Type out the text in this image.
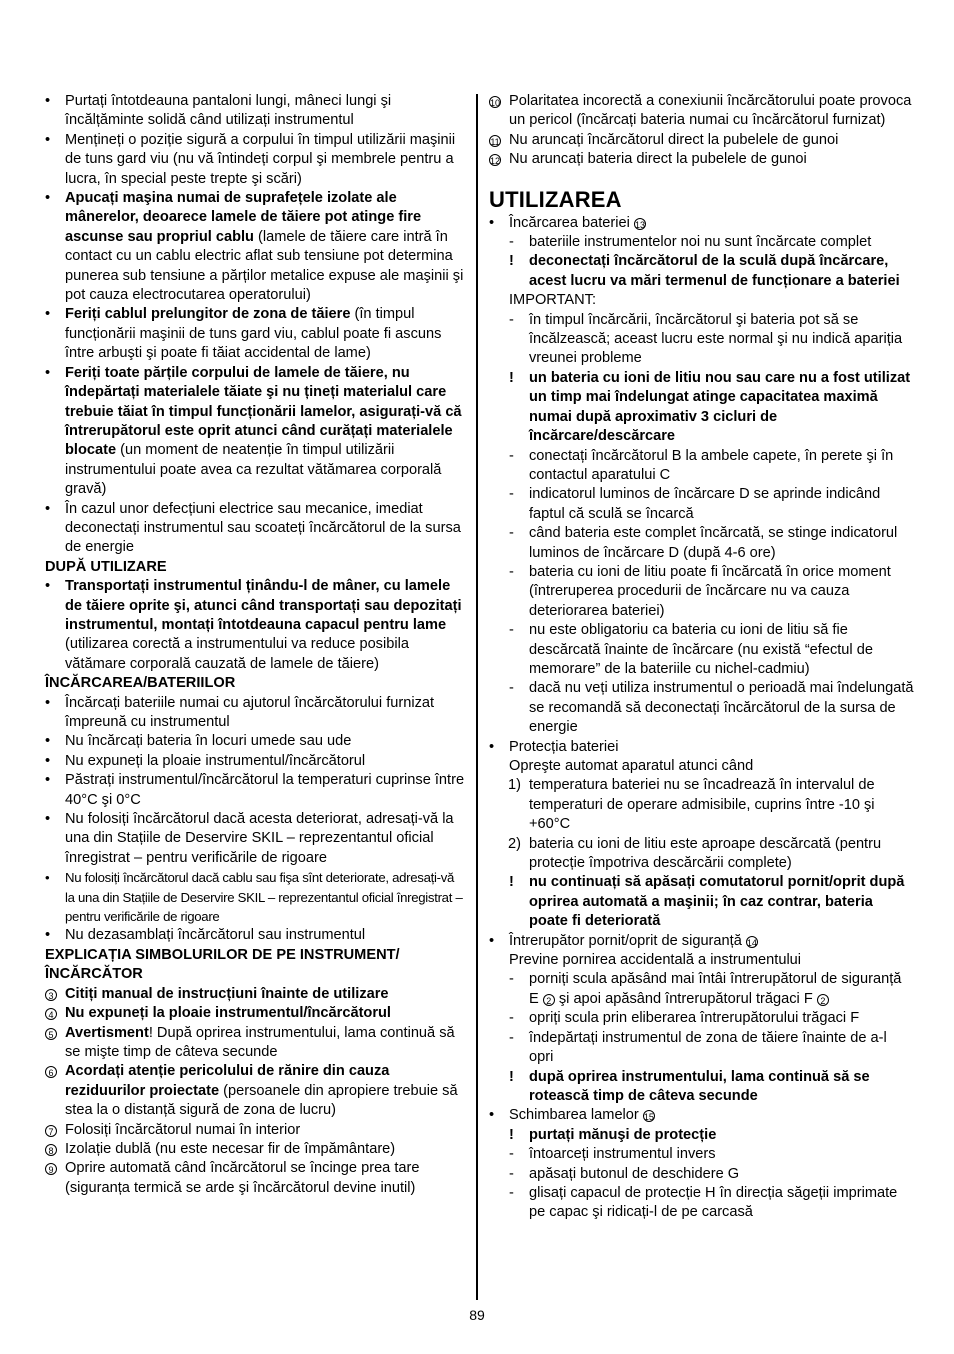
• Purtați întotdeauna pantaloni lungi, mâneci lungi şi încălțăminte solidă când utilizați instrumentul

• Mențineți o poziție sigură a corpului în timpul utilizării maşinii de tuns gard viu (nu vă întindeți corpul şi membrele pentru a lucra, în special peste trepte şi scări)

• Apucați maşina numai de suprafețele izolate ale mânerelor, deoarece lamele de tăiere pot atinge fire ascunse sau propriul cablu (lamele de tăiere care intră în contact cu un cablu electric aflat sub tensiune pot determina punerea sub tensiune a părților metalice expuse ale maşinii şi pot cauza electrocutarea operatorului)

• Feriți cablul prelungitor de zona de tăiere (în timpul funcționării maşinii de tuns gard viu, cablul poate fi ascuns între arbuşti şi poate fi tăiat accidental de lame)

• Feriți toate părțile corpului de lamele de tăiere, nu îndepărtați materialele tăiate şi nu țineți materialul care trebuie tăiat în timpul funcționării lamelor, asigurați-vă că întrerupătorul este oprit atunci când curățați materialele blocate (un moment de neatenție în timpul utilizării instrumentului poate avea ca rezultat vătămarea corporală gravă)

• În cazul unor defecțiuni electrice sau mecanice, imediat deconectați instrumentul sau scoateți încărcătorul de la sursa de energie

DUPĂ UTILIZARE

• Transportați instrumentul ținându-l de mâner, cu lamele de tăiere oprite şi, atunci când transportați sau depozitați instrumentul, montați întotdeauna capacul pentru lame (utilizarea corectă a instrumentului va reduce posibila vătămare corporală cauzată de lamele de tăiere)

ÎNCĂRCAREA/BATERIILOR

• Încărcați bateriile numai cu ajutorul încărcătorului furnizat împreună cu instrumentul

• Nu încărcați bateria în locuri umede sau ude

• Nu expuneți la ploaie instrumentul/încărcătorul

• Păstrați instrumentul/încărcătorul la temperaturi cuprinse între 40°C şi 0°C

• Nu folosiți încărcătorul dacă acesta deteriorat, adresați-vă la una din Stațiile de Deservire SKIL – reprezentantul oficial înregistrat – pentru verificările de rigoare

• Nu folosiți încărcătorul dacă cablu sau fişa sînt deteriorate, adresați-vă la una din Stațiile de Deservire SKIL – reprezentantul oficial înregistrat – pentru verificările de rigoare

• Nu dezasamblați încărcătorul sau instrumentul

EXPLICAȚIA SIMBOLURILOR DE PE INSTRUMENT/ ÎNCĂRCĂTOR

3 Citiți manual de instrucțiuni înainte de utilizare

4 Nu expuneți la ploaie instrumentul/încărcătorul

5 Avertisment! După oprirea instrumentului, lama continuă să se mişte timp de câteva secunde

6 Acordați atenție pericolului de rănire din cauza reziduurilor proiectate (persoanele din apropiere trebuie să stea la o distanță sigură de zona de lucru)

7 Folosiți încărcătorul numai în interior

8 Izolație dublă (nu este necesar fir de împământare)

9 Oprire automată când încărcătorul se încinge prea tare (siguranța termică se arde şi încărcătorul devine inutil)

10 Polaritatea incorectă a conexiunii încărcătorului poate provoca un pericol (încărcați bateria numai cu încărcătorul furnizat)

11 Nu aruncați încărcătorul direct la pubelele de gunoi

12 Nu aruncați bateria direct la pubelele de gunoi

UTILIZAREA

• Încărcarea bateriei 13

- bateriile instrumentelor noi nu sunt încărcate complet

! deconectați încărcătorul de la sculă după încărcare, acest lucru va mări termenul de funcționare a bateriei

IMPORTANT:

- în timpul încărcării, încărcătorul şi bateria pot să se încălzească; aceast lucru este normal şi nu indică apariția vreunei probleme

! un bateria cu ioni de litiu nou sau care nu a fost utilizat un timp mai îndelungat atinge capacitatea maximă numai după aproximativ 3 cicluri de încărcare/descărcare

- conectați încărcătorul B la ambele capete, în perete şi în contactul aparatului C

- indicatorul luminos de încărcare D se aprinde indicând faptul că sculă se încarcă

- când bateria este complet încărcată, se stinge indicatorul luminos de încărcare D (după 4-6 ore)

- bateria cu ioni de litiu poate fi încărcată în orice moment (întreruperea procedurii de încărcare nu va cauza deteriorarea bateriei)

- nu este obligatoriu ca bateria cu ioni de litiu să fie descărcată înainte de încărcare (nu există “efectul de memorare” de la bateriile cu nichel-cadmiu)

- dacă nu veți utiliza instrumentul o perioadă mai îndelungată se recomandă să deconectați încărcătorul de la sursa de energie

• Protecția bateriei

Opreşte automat aparatul atunci când

1) temperatura bateriei nu se încadrează în intervalul de temperaturi de operare admisibile, cuprins între -10 şi +60°C

2) bateria cu ioni de litiu este aproape descărcată (pentru protecție împotriva descărcării complete)

! nu continuați să apăsați comutatorul pornit/oprit după oprirea automată a maşinii; în caz contrar, bateria poate fi deteriorată

• Întrerupător pornit/oprit de siguranță 14

Previne pornirea accidentală a instrumentului

- porniți scula apăsând mai întâi întrerupătorul de siguranță E 2 şi apoi apăsând întrerupătorul trăgaci F 2

- opriți scula prin eliberarea întrerupătorului trăgaci F

- îndepărtați instrumentul de zona de tăiere înainte de a-l opri

! după oprirea instrumentului, lama continuă să se rotească timp de câteva secunde

• Schimbarea lamelor 15

! purtați mănuşi de protecție

- întoarceți instrumentul invers

- apăsați butonul de deschidere G

- glisați capacul de protecție H în direcția săgeții imprimate pe capac şi ridicați-l de pe carcasă

89
